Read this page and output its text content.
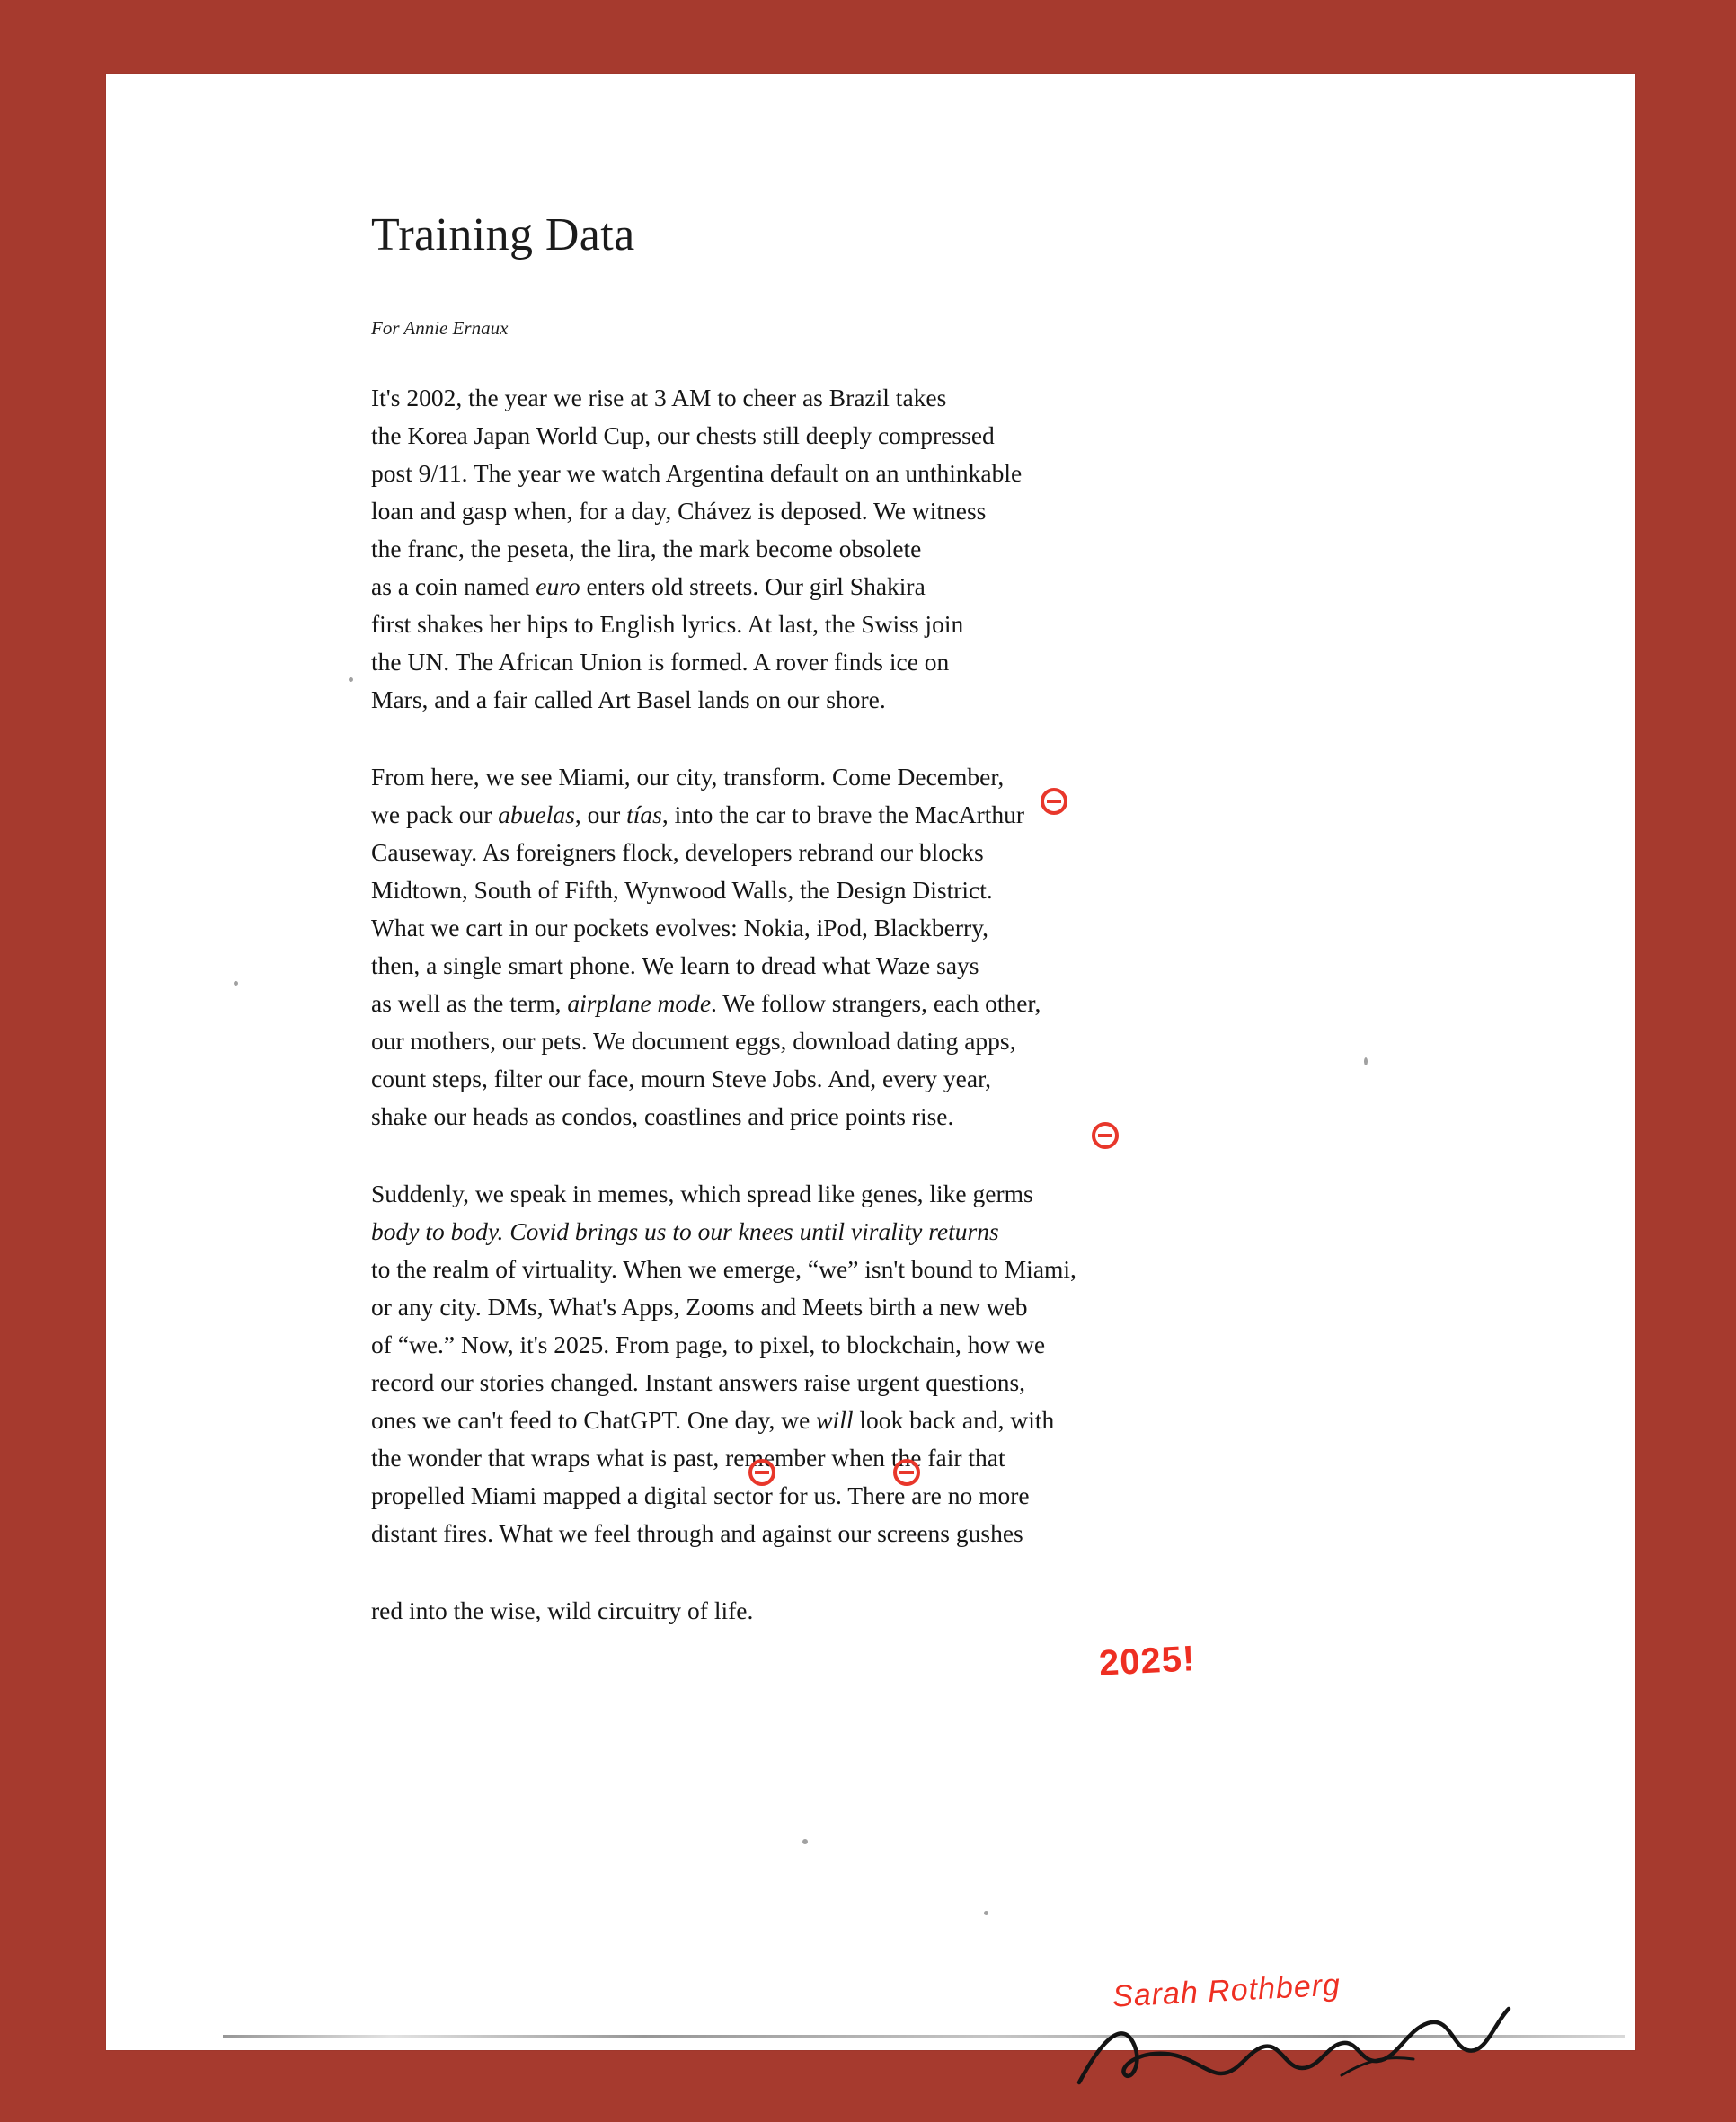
Training Data
For Annie Ernaux
It's 2002, the year we rise at 3 AM to cheer as Brazil takes
the Korea Japan World Cup, our chests still deeply compressed
post 9/11. The year we watch Argentina default on an unthinkable
loan and gasp when, for a day, Chávez is deposed. We witness
the franc, the peseta, the lira, the mark become obsolete
as a coin named euro enters old streets. Our girl Shakira
first shakes her hips to English lyrics. At last, the Swiss join
the UN. The African Union is formed. A rover finds ice on
Mars, and a fair called Art Basel lands on our shore.
From here, we see Miami, our city, transform. Come December,
we pack our abuelas, our tías, into the car to brave the MacArthur
Causeway. As foreigners flock, developers rebrand our blocks
Midtown, South of Fifth, Wynwood Walls, the Design District.
What we cart in our pockets evolves: Nokia, iPod, Blackberry,
then, a single smart phone. We learn to dread what Waze says
as well as the term, airplane mode. We follow strangers, each other,
our mothers, our pets. We document eggs, download dating apps,
count steps, filter our face, mourn Steve Jobs. And, every year,
shake our heads as condos, coastlines and price points rise.
Suddenly, we speak in memes, which spread like genes, like germs
body to body. Covid brings us to our knees until virality returns
to the realm of virtuality. When we emerge, “we” isn't bound to Miami,
or any city. DMs, What's Apps, Zooms and Meets birth a new web
of “we.” Now, it's 2025. From page, to pixel, to blockchain, how we
record our stories changed. Instant answers raise urgent questions,
ones we can't feed to ChatGPT. One day, we will look back and, with
the wonder that wraps what is past, remember when the fair that
propelled Miami mapped a digital sector for us. There are no more
distant fires. What we feel through and against our screens gushes
red into the wise, wild circuitry of life.
2025!
Sarah Rothberg
